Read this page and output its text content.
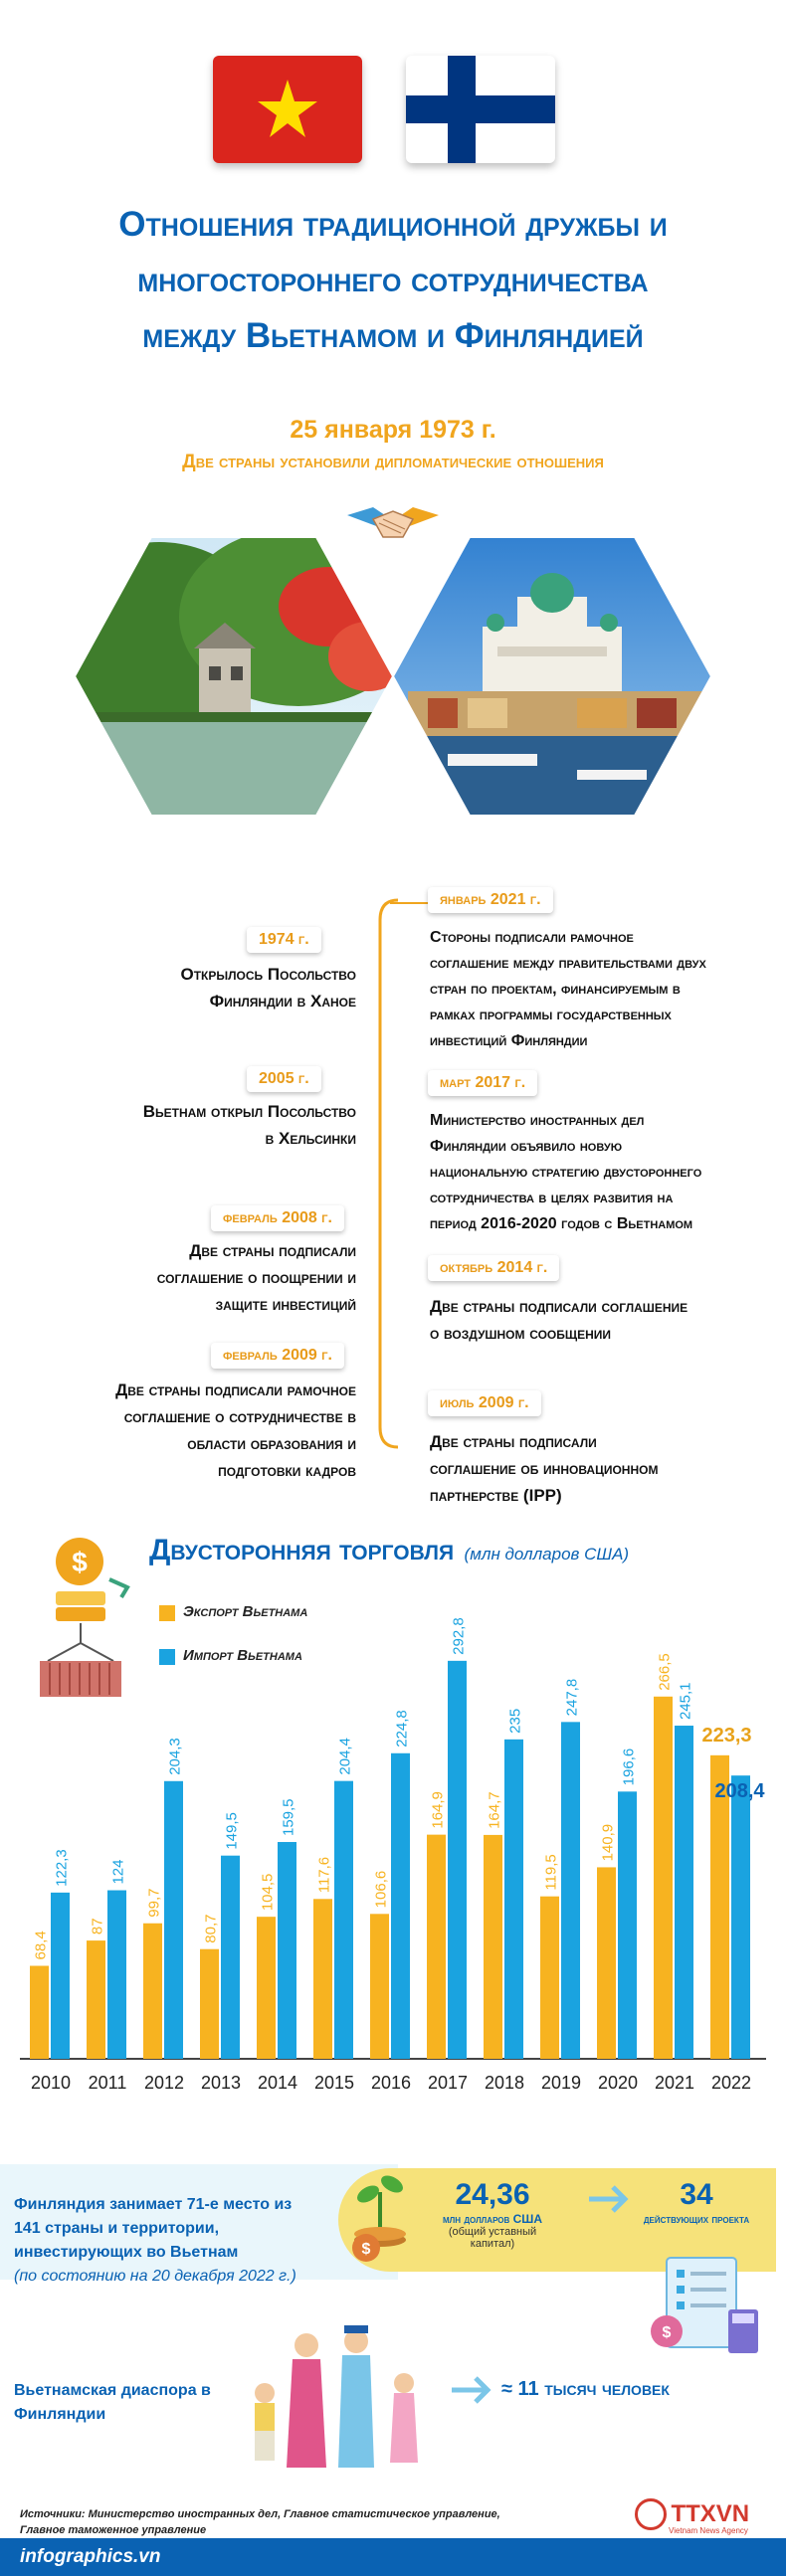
Отношения традиционной дружбы и
многостороннего сотрудничества
между Вьетнамом и Финляндией
25 января 1973 г.
Две страны установили дипломатические отношения
1974 г.
Открылось Посольство
Финляндии в Ханое
2005 г.
Вьетнам открыл Посольство
в Хельсинки
февраль 2008 г.
Две страны подписали
соглашение о поощрении и
защите инвестиций
февраль 2009 г.
Две страны подписали рамочное
соглашение о сотрудничестве в
области образования и
подготовки кадров
январь 2021 г.
Стороны подписали рамочное
соглашение между правительствами двух
стран по проектам, финансируемым в
рамках программы государственных
инвестиций Финляндии
март 2017 г.
Министерство иностранных дел
Финляндии объявило новую
национальную стратегию двустороннего
сотрудничества в целях развития на
период 2016-2020 годов с Вьетнамом
октябрь 2014 г.
Две страны подписали соглашение
о воздушном сообщении
июль 2009 г.
Две страны подписали
соглашение об инновационном
партнерстве (IPP)
Двусторонняя торговля (млн долларов США)
$
Экспорт Вьетнама
Импорт Вьетнама
68,4
122,3
2010
87
124
2011
99,7
204,3
2012
80,7
149,5
2013
104,5
159,5
2014
117,6
204,4
2015
106,6
224,8
2016
164,9
292,8
2017
164,7
235
2018
119,5
247,8
2019
140,9
196,6
2020
266,5
245,1
2021
223,3
208,4
2022
Финляндия занимает 71-е место из
141 страны и территории,
инвестирующих во Вьетнам
(по состоянию на 20 декабря 2022 г.)
$
24,36
млн долларов США
(общий уставный капитал)
34
действующих проекта
$
Вьетнамская диаспора в
Финляндии
≈ 11 тысяч человек
Источники: Министерство иностранных дел, Главное статистическое управление,
Главное таможенное управление
TTXVN
Vietnam News Agency
infographics.vn
